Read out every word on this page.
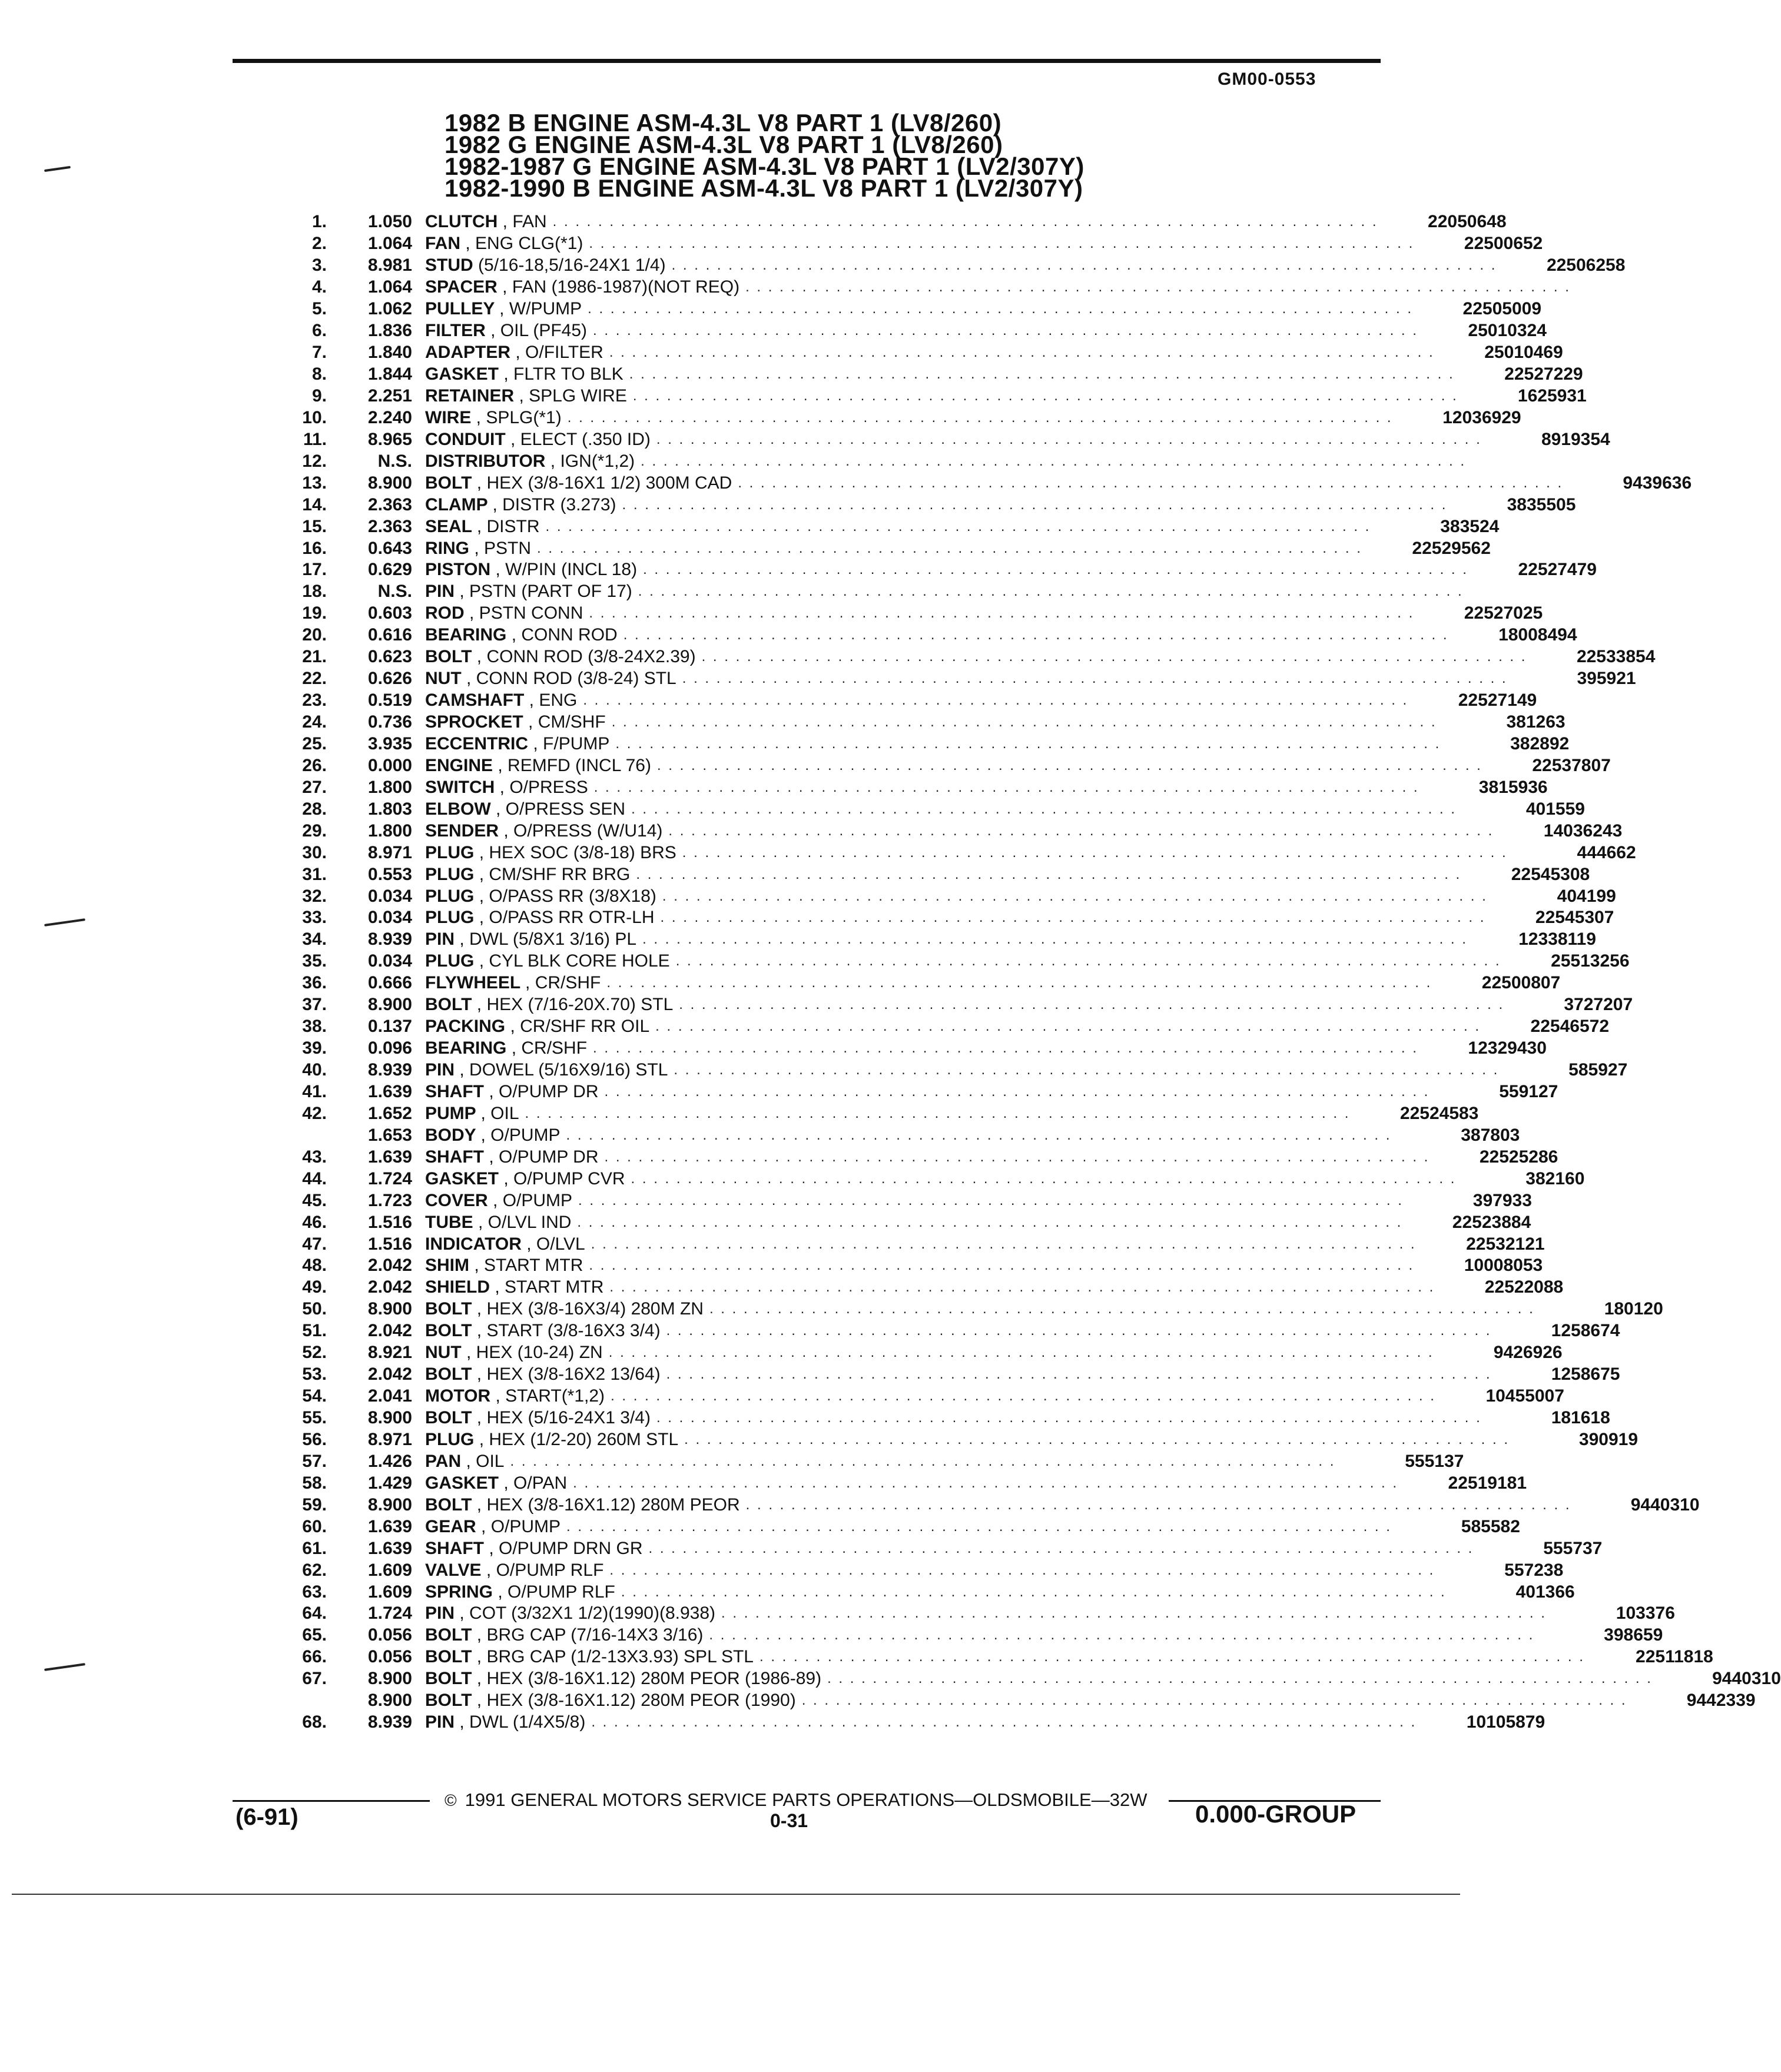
GM00-0553
1982 B ENGINE ASM-4.3L V8 PART 1 (LV8/260)
1982 G ENGINE ASM-4.3L V8 PART 1 (LV8/260)
1982-1987 G ENGINE ASM-4.3L V8 PART 1 (LV2/307Y)
1982-1990 B ENGINE ASM-4.3L V8 PART 1 (LV2/307Y)
1.	1.050 CLUTCH , FAN . . . . . . . . . . . . . . . . . . . . . . . . . . . . . . . . . . . . . . . . . . . . . . . . . . . . . . . . . . . . . . . . . . . . . . . . .	22050648
2.	1.064 FAN , ENG CLG(*1) . . . . . . . . . . . . . . . . . . . . . . . . . . . . . . . . . . . . . . . . . . . . . . . . . . . . . . . . . . . . . . . . . . . . . . . . .	22500652
3.	8.981 STUD (5/16-18,5/16-24X1 1/4) . . . . . . . . . . . . . . . . . . . . . . . . . . . . . . . . . . . . . . . . . . . . . . . . . . . . . . . . . . . . . . . . . . . . . . . . .	22506258
4.	1.064 SPACER , FAN (1986-1987)(NOT REQ) . . . . . . . . . . . . . . . . . . . . . . . . . . . . . . . . . . . . . . . . . . . . . . . . . . . . . . . . . . . . . . . . . . . . . . . . .
5.	1.062 PULLEY , W/PUMP . . . . . . . . . . . . . . . . . . . . . . . . . . . . . . . . . . . . . . . . . . . . . . . . . . . . . . . . . . . . . . . . . . . . . . . . .	22505009
6.	1.836 FILTER , OIL (PF45) . . . . . . . . . . . . . . . . . . . . . . . . . . . . . . . . . . . . . . . . . . . . . . . . . . . . . . . . . . . . . . . . . . . . . . . . .	25010324
7.	1.840 ADAPTER , O/FILTER . . . . . . . . . . . . . . . . . . . . . . . . . . . . . . . . . . . . . . . . . . . . . . . . . . . . . . . . . . . . . . . . . . . . . . . . .	25010469
8.	1.844 GASKET , FLTR TO BLK . . . . . . . . . . . . . . . . . . . . . . . . . . . . . . . . . . . . . . . . . . . . . . . . . . . . . . . . . . . . . . . . . . . . . . . . .	22527229
9.	2.251 RETAINER , SPLG WIRE . . . . . . . . . . . . . . . . . . . . . . . . . . . . . . . . . . . . . . . . . . . . . . . . . . . . . . . . . . . . . . . . . . . . . . . . .	1625931
10.	2.240 WIRE , SPLG(*1) . . . . . . . . . . . . . . . . . . . . . . . . . . . . . . . . . . . . . . . . . . . . . . . . . . . . . . . . . . . . . . . . . . . . . . . . .	12036929
11.	8.965 CONDUIT , ELECT (.350 ID) . . . . . . . . . . . . . . . . . . . . . . . . . . . . . . . . . . . . . . . . . . . . . . . . . . . . . . . . . . . . . . . . . . . . . . . . .	8919354
12.	N.S. DISTRIBUTOR , IGN(*1,2) . . . . . . . . . . . . . . . . . . . . . . . . . . . . . . . . . . . . . . . . . . . . . . . . . . . . . . . . . . . . . . . . . . . . . . . . .
13.	8.900 BOLT , HEX (3/8-16X1 1/2) 300M CAD . . . . . . . . . . . . . . . . . . . . . . . . . . . . . . . . . . . . . . . . . . . . . . . . . . . . . . . . . . . . . . . . . . . . . . . . .	9439636
14.	2.363 CLAMP , DISTR (3.273) . . . . . . . . . . . . . . . . . . . . . . . . . . . . . . . . . . . . . . . . . . . . . . . . . . . . . . . . . . . . . . . . . . . . . . . . .	3835505
15.	2.363 SEAL , DISTR . . . . . . . . . . . . . . . . . . . . . . . . . . . . . . . . . . . . . . . . . . . . . . . . . . . . . . . . . . . . . . . . . . . . . . . . .	383524
16.	0.643 RING , PSTN . . . . . . . . . . . . . . . . . . . . . . . . . . . . . . . . . . . . . . . . . . . . . . . . . . . . . . . . . . . . . . . . . . . . . . . . .	22529562
17.	0.629 PISTON , W/PIN (INCL 18) . . . . . . . . . . . . . . . . . . . . . . . . . . . . . . . . . . . . . . . . . . . . . . . . . . . . . . . . . . . . . . . . . . . . . . . . .	22527479
18.	N.S. PIN , PSTN (PART OF 17) . . . . . . . . . . . . . . . . . . . . . . . . . . . . . . . . . . . . . . . . . . . . . . . . . . . . . . . . . . . . . . . . . . . . . . . . .
19.	0.603 ROD , PSTN CONN . . . . . . . . . . . . . . . . . . . . . . . . . . . . . . . . . . . . . . . . . . . . . . . . . . . . . . . . . . . . . . . . . . . . . . . . .	22527025
20.	0.616 BEARING , CONN ROD . . . . . . . . . . . . . . . . . . . . . . . . . . . . . . . . . . . . . . . . . . . . . . . . . . . . . . . . . . . . . . . . . . . . . . . . .	18008494
21.	0.623 BOLT , CONN ROD (3/8-24X2.39) . . . . . . . . . . . . . . . . . . . . . . . . . . . . . . . . . . . . . . . . . . . . . . . . . . . . . . . . . . . . . . . . . . . . . . . . .	22533854
22.	0.626 NUT , CONN ROD (3/8-24) STL . . . . . . . . . . . . . . . . . . . . . . . . . . . . . . . . . . . . . . . . . . . . . . . . . . . . . . . . . . . . . . . . . . . . . . . . .	395921
23.	0.519 CAMSHAFT , ENG . . . . . . . . . . . . . . . . . . . . . . . . . . . . . . . . . . . . . . . . . . . . . . . . . . . . . . . . . . . . . . . . . . . . . . . . .	22527149
24.	0.736 SPROCKET , CM/SHF . . . . . . . . . . . . . . . . . . . . . . . . . . . . . . . . . . . . . . . . . . . . . . . . . . . . . . . . . . . . . . . . . . . . . . . . .	381263
25.	3.935 ECCENTRIC , F/PUMP . . . . . . . . . . . . . . . . . . . . . . . . . . . . . . . . . . . . . . . . . . . . . . . . . . . . . . . . . . . . . . . . . . . . . . . . .	382892
26.	0.000 ENGINE , REMFD (INCL 76) . . . . . . . . . . . . . . . . . . . . . . . . . . . . . . . . . . . . . . . . . . . . . . . . . . . . . . . . . . . . . . . . . . . . . . . . .	22537807
27.	1.800 SWITCH , O/PRESS . . . . . . . . . . . . . . . . . . . . . . . . . . . . . . . . . . . . . . . . . . . . . . . . . . . . . . . . . . . . . . . . . . . . . . . . .	3815936
28.	1.803 ELBOW , O/PRESS SEN . . . . . . . . . . . . . . . . . . . . . . . . . . . . . . . . . . . . . . . . . . . . . . . . . . . . . . . . . . . . . . . . . . . . . . . . .	401559
29.	1.800 SENDER , O/PRESS (W/U14) . . . . . . . . . . . . . . . . . . . . . . . . . . . . . . . . . . . . . . . . . . . . . . . . . . . . . . . . . . . . . . . . . . . . . . . . .	14036243
30.	8.971 PLUG , HEX SOC (3/8-18) BRS . . . . . . . . . . . . . . . . . . . . . . . . . . . . . . . . . . . . . . . . . . . . . . . . . . . . . . . . . . . . . . . . . . . . . . . . .	444662
31.	0.553 PLUG , CM/SHF RR BRG . . . . . . . . . . . . . . . . . . . . . . . . . . . . . . . . . . . . . . . . . . . . . . . . . . . . . . . . . . . . . . . . . . . . . . . . .	22545308
32.	0.034 PLUG , O/PASS RR (3/8X18) . . . . . . . . . . . . . . . . . . . . . . . . . . . . . . . . . . . . . . . . . . . . . . . . . . . . . . . . . . . . . . . . . . . . . . . . .	404199
33.	0.034 PLUG , O/PASS RR OTR-LH . . . . . . . . . . . . . . . . . . . . . . . . . . . . . . . . . . . . . . . . . . . . . . . . . . . . . . . . . . . . . . . . . . . . . . . . .	22545307
34.	8.939 PIN , DWL (5/8X1 3/16) PL . . . . . . . . . . . . . . . . . . . . . . . . . . . . . . . . . . . . . . . . . . . . . . . . . . . . . . . . . . . . . . . . . . . . . . . . .	12338119
35.	0.034 PLUG , CYL BLK CORE HOLE . . . . . . . . . . . . . . . . . . . . . . . . . . . . . . . . . . . . . . . . . . . . . . . . . . . . . . . . . . . . . . . . . . . . . . . . .	25513256
36.	0.666 FLYWHEEL , CR/SHF . . . . . . . . . . . . . . . . . . . . . . . . . . . . . . . . . . . . . . . . . . . . . . . . . . . . . . . . . . . . . . . . . . . . . . . . .	22500807
37.	8.900 BOLT , HEX (7/16-20X.70) STL . . . . . . . . . . . . . . . . . . . . . . . . . . . . . . . . . . . . . . . . . . . . . . . . . . . . . . . . . . . . . . . . . . . . . . . . .	3727207
38.	0.137 PACKING , CR/SHF RR OIL . . . . . . . . . . . . . . . . . . . . . . . . . . . . . . . . . . . . . . . . . . . . . . . . . . . . . . . . . . . . . . . . . . . . . . . . .	22546572
39.	0.096 BEARING , CR/SHF . . . . . . . . . . . . . . . . . . . . . . . . . . . . . . . . . . . . . . . . . . . . . . . . . . . . . . . . . . . . . . . . . . . . . . . . .	12329430
40.	8.939 PIN , DOWEL (5/16X9/16) STL . . . . . . . . . . . . . . . . . . . . . . . . . . . . . . . . . . . . . . . . . . . . . . . . . . . . . . . . . . . . . . . . . . . . . . . . .	585927
41.	1.639 SHAFT , O/PUMP DR . . . . . . . . . . . . . . . . . . . . . . . . . . . . . . . . . . . . . . . . . . . . . . . . . . . . . . . . . . . . . . . . . . . . . . . . .	559127
42.	1.652 PUMP , OIL . . . . . . . . . . . . . . . . . . . . . . . . . . . . . . . . . . . . . . . . . . . . . . . . . . . . . . . . . . . . . . . . . . . . . . . . .	22524583
1.653 BODY , O/PUMP . . . . . . . . . . . . . . . . . . . . . . . . . . . . . . . . . . . . . . . . . . . . . . . . . . . . . . . . . . . . . . . . . . . . . . . . .	387803
43.	1.639 SHAFT , O/PUMP DR . . . . . . . . . . . . . . . . . . . . . . . . . . . . . . . . . . . . . . . . . . . . . . . . . . . . . . . . . . . . . . . . . . . . . . . . .	22525286
44.	1.724 GASKET , O/PUMP CVR . . . . . . . . . . . . . . . . . . . . . . . . . . . . . . . . . . . . . . . . . . . . . . . . . . . . . . . . . . . . . . . . . . . . . . . . .	382160
45.	1.723 COVER , O/PUMP . . . . . . . . . . . . . . . . . . . . . . . . . . . . . . . . . . . . . . . . . . . . . . . . . . . . . . . . . . . . . . . . . . . . . . . . .	397933
46.	1.516 TUBE , O/LVL IND . . . . . . . . . . . . . . . . . . . . . . . . . . . . . . . . . . . . . . . . . . . . . . . . . . . . . . . . . . . . . . . . . . . . . . . . .	22523884
47.	1.516 INDICATOR , O/LVL . . . . . . . . . . . . . . . . . . . . . . . . . . . . . . . . . . . . . . . . . . . . . . . . . . . . . . . . . . . . . . . . . . . . . . . . .	22532121
48.	2.042 SHIM , START MTR . . . . . . . . . . . . . . . . . . . . . . . . . . . . . . . . . . . . . . . . . . . . . . . . . . . . . . . . . . . . . . . . . . . . . . . . .	10008053
49.	2.042 SHIELD , START MTR . . . . . . . . . . . . . . . . . . . . . . . . . . . . . . . . . . . . . . . . . . . . . . . . . . . . . . . . . . . . . . . . . . . . . . . . .	22522088
50.	8.900 BOLT , HEX (3/8-16X3/4) 280M ZN . . . . . . . . . . . . . . . . . . . . . . . . . . . . . . . . . . . . . . . . . . . . . . . . . . . . . . . . . . . . . . . . . . . . . . . . .	180120
51.	2.042 BOLT , START (3/8-16X3 3/4) . . . . . . . . . . . . . . . . . . . . . . . . . . . . . . . . . . . . . . . . . . . . . . . . . . . . . . . . . . . . . . . . . . . . . . . . .	1258674
52.	8.921 NUT , HEX (10-24) ZN . . . . . . . . . . . . . . . . . . . . . . . . . . . . . . . . . . . . . . . . . . . . . . . . . . . . . . . . . . . . . . . . . . . . . . . . .	9426926
53.	2.042 BOLT , HEX (3/8-16X2 13/64) . . . . . . . . . . . . . . . . . . . . . . . . . . . . . . . . . . . . . . . . . . . . . . . . . . . . . . . . . . . . . . . . . . . . . . . . .	1258675
54.	2.041 MOTOR , START(*1,2) . . . . . . . . . . . . . . . . . . . . . . . . . . . . . . . . . . . . . . . . . . . . . . . . . . . . . . . . . . . . . . . . . . . . . . . . .	10455007
55.	8.900 BOLT , HEX (5/16-24X1 3/4) . . . . . . . . . . . . . . . . . . . . . . . . . . . . . . . . . . . . . . . . . . . . . . . . . . . . . . . . . . . . . . . . . . . . . . . . .	181618
56.	8.971 PLUG , HEX (1/2-20) 260M STL . . . . . . . . . . . . . . . . . . . . . . . . . . . . . . . . . . . . . . . . . . . . . . . . . . . . . . . . . . . . . . . . . . . . . . . . .	390919
57.	1.426 PAN , OIL . . . . . . . . . . . . . . . . . . . . . . . . . . . . . . . . . . . . . . . . . . . . . . . . . . . . . . . . . . . . . . . . . . . . . . . . .	555137
58.	1.429 GASKET , O/PAN . . . . . . . . . . . . . . . . . . . . . . . . . . . . . . . . . . . . . . . . . . . . . . . . . . . . . . . . . . . . . . . . . . . . . . . . .	22519181
59.	8.900 BOLT , HEX (3/8-16X1.12) 280M PEOR . . . . . . . . . . . . . . . . . . . . . . . . . . . . . . . . . . . . . . . . . . . . . . . . . . . . . . . . . . . . . . . . . . . . . . . . .	9440310
60.	1.639 GEAR , O/PUMP . . . . . . . . . . . . . . . . . . . . . . . . . . . . . . . . . . . . . . . . . . . . . . . . . . . . . . . . . . . . . . . . . . . . . . . . .	585582
61.	1.639 SHAFT , O/PUMP DRN GR . . . . . . . . . . . . . . . . . . . . . . . . . . . . . . . . . . . . . . . . . . . . . . . . . . . . . . . . . . . . . . . . . . . . . . . . .	555737
62.	1.609 VALVE , O/PUMP RLF . . . . . . . . . . . . . . . . . . . . . . . . . . . . . . . . . . . . . . . . . . . . . . . . . . . . . . . . . . . . . . . . . . . . . . . . .	557238
63.	1.609 SPRING , O/PUMP RLF . . . . . . . . . . . . . . . . . . . . . . . . . . . . . . . . . . . . . . . . . . . . . . . . . . . . . . . . . . . . . . . . . . . . . . . . .	401366
64.	1.724 PIN , COT (3/32X1 1/2)(1990)(8.938) . . . . . . . . . . . . . . . . . . . . . . . . . . . . . . . . . . . . . . . . . . . . . . . . . . . . . . . . . . . . . . . . . . . . . . . . .	103376
65.	0.056 BOLT , BRG CAP (7/16-14X3 3/16) . . . . . . . . . . . . . . . . . . . . . . . . . . . . . . . . . . . . . . . . . . . . . . . . . . . . . . . . . . . . . . . . . . . . . . . . .	398659
66.	0.056 BOLT , BRG CAP (1/2-13X3.93) SPL STL . . . . . . . . . . . . . . . . . . . . . . . . . . . . . . . . . . . . . . . . . . . . . . . . . . . . . . . . . . . . . . . . . . . . . . . . .	22511818
67.	8.900 BOLT , HEX (3/8-16X1.12) 280M PEOR (1986-89) . . . . . . . . . . . . . . . . . . . . . . . . . . . . . . . . . . . . . . . . . . . . . . . . . . . . . . . . . . . . . . . . . . . . . . . . .	9440310
8.900 BOLT , HEX (3/8-16X1.12) 280M PEOR (1990) . . . . . . . . . . . . . . . . . . . . . . . . . . . . . . . . . . . . . . . . . . . . . . . . . . . . . . . . . . . . . . . . . . . . . . . . .	9442339
68.	8.939 PIN , DWL (1/4X5/8) . . . . . . . . . . . . . . . . . . . . . . . . . . . . . . . . . . . . . . . . . . . . . . . . . . . . . . . . . . . . . . . . . . . . . . . . .	10105879
© 1991 GENERAL MOTORS SERVICE PARTS OPERATIONS—OLDSMOBILE—32W
(6-91)	0-31	0.000-GROUP
